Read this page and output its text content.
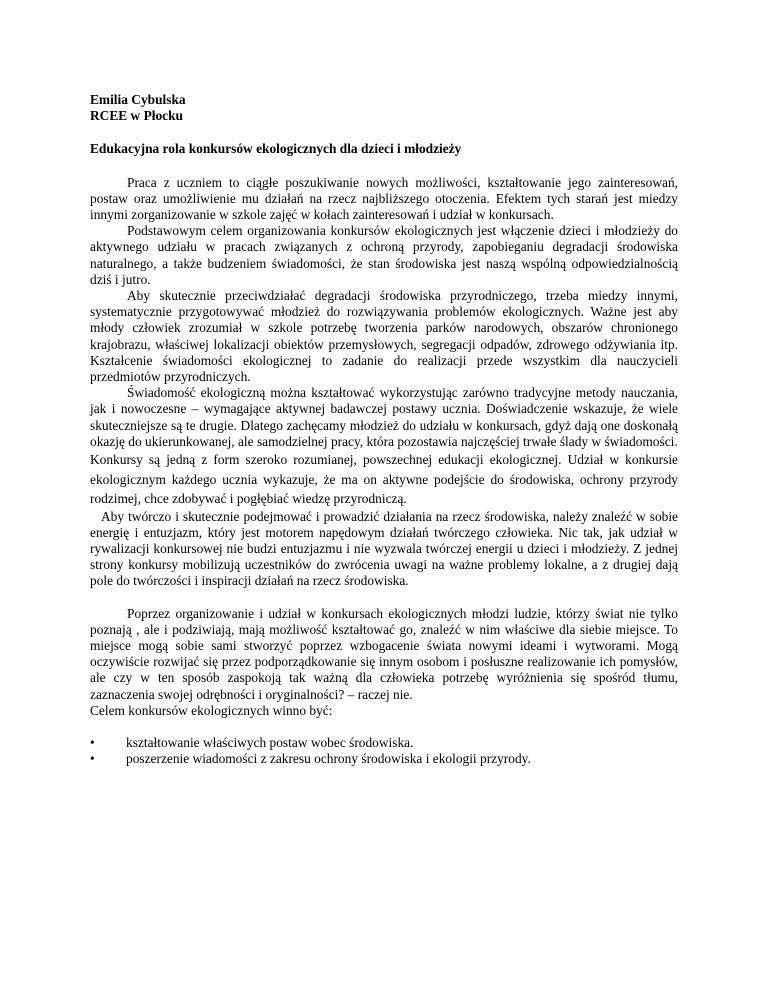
Emilia Cybulska
RCEE w Płocku
Edukacyjna rola konkursów ekologicznych dla dzieci i młodzieży

Praca z uczniem to ciągłe poszukiwanie nowych możliwości, kształtowanie jego zainteresowań, postaw oraz umożliwienie mu działań na rzecz najbliższego otoczenia. Efektem tych starań jest miedzy innymi zorganizowanie w szkole zajęć w kołach zainteresowań i udział w konkursach.

Podstawowym celem organizowania konkursów ekologicznych jest włączenie dzieci i młodzieży do aktywnego udziału w pracach związanych z ochroną przyrody, zapobieganiu degradacji środowiska naturalnego, a także budzeniem świadomości, że stan środowiska jest naszą wspólną odpowiedzialnością dziś i jutro.

Aby skutecznie przeciwdziałać degradacji środowiska przyrodniczego, trzeba miedzy innymi, systematycznie przygotowywać młodzież do rozwiązywania problemów ekologicznych. Ważne jest aby młody człowiek zrozumiał w szkole potrzebę tworzenia parków narodowych, obszarów chronionego krajobrazu, właściwej lokalizacji obiektów przemysłowych, segregacji odpadów, zdrowego odżywiania itp. Kształcenie świadomości ekologicznej to zadanie do realizacji przede wszystkim dla nauczycieli przedmiotów przyrodniczych.

Świadomość ekologiczną można kształtować wykorzystując zarówno tradycyjne metody nauczania, jak i nowoczesne – wymagające aktywnej badawczej postawy ucznia. Doświadczenie wskazuje, że wiele skuteczniejsze są te drugie. Dlatego zachęcamy młodzież do udziału w konkursach, gdyż dają one doskonałą okazję do ukierunkowanej, ale samodzielnej pracy, która pozostawia najczęściej trwałe ślady w świadomości.

Konkursy są jedną z form szeroko rozumianej, powszechnej edukacji ekologicznej. Udział w konkursie ekologicznym każdego ucznia wykazuje, że ma on aktywne podejście do środowiska, ochrony przyrody rodzimej, chce zdobywać i pogłębiać wiedzę przyrodniczą.

Aby twórczo i skutecznie podejmować i prowadzić działania na rzecz środowiska, należy znaleźć w sobie energię i entuzjazm, który jest motorem napędowym działań twórczego człowieka. Nic tak, jak udział w rywalizacji konkursowej nie budzi entuzjazmu i nie wyzwala twórczej energii u dzieci i młodzieży. Z jednej strony konkursy mobilizują uczestników do zwrócenia uwagi na ważne problemy lokalne, a z drugiej dają pole do twórczości i inspiracji działań na rzecz środowiska.

Poprzez organizowanie i udział w konkursach ekologicznych młodzi ludzie, którzy świat nie tylko poznają , ale i podziwiają, mają możliwość kształtować go, znaleźć w nim właściwe dla siebie miejsce. To miejsce mogą sobie sami stworzyć poprzez wzbogacenie świata nowymi ideami i wytworami. Mogą oczywiście rozwijać się przez podporządkowanie się innym osobom i posłuszne realizowanie ich pomysłów, ale czy w ten sposób zaspokoją tak ważną dla człowieka potrzebę wyróżnienia się spośród tłumu, zaznaczenia swojej odrębności i oryginalności? – raczej nie.

Celem konkursów ekologicznych winno być:

• kształtowanie właściwych postaw wobec środowiska.
• poszerzenie wiadomości z zakresu ochrony środowiska i ekologii przyrody.
